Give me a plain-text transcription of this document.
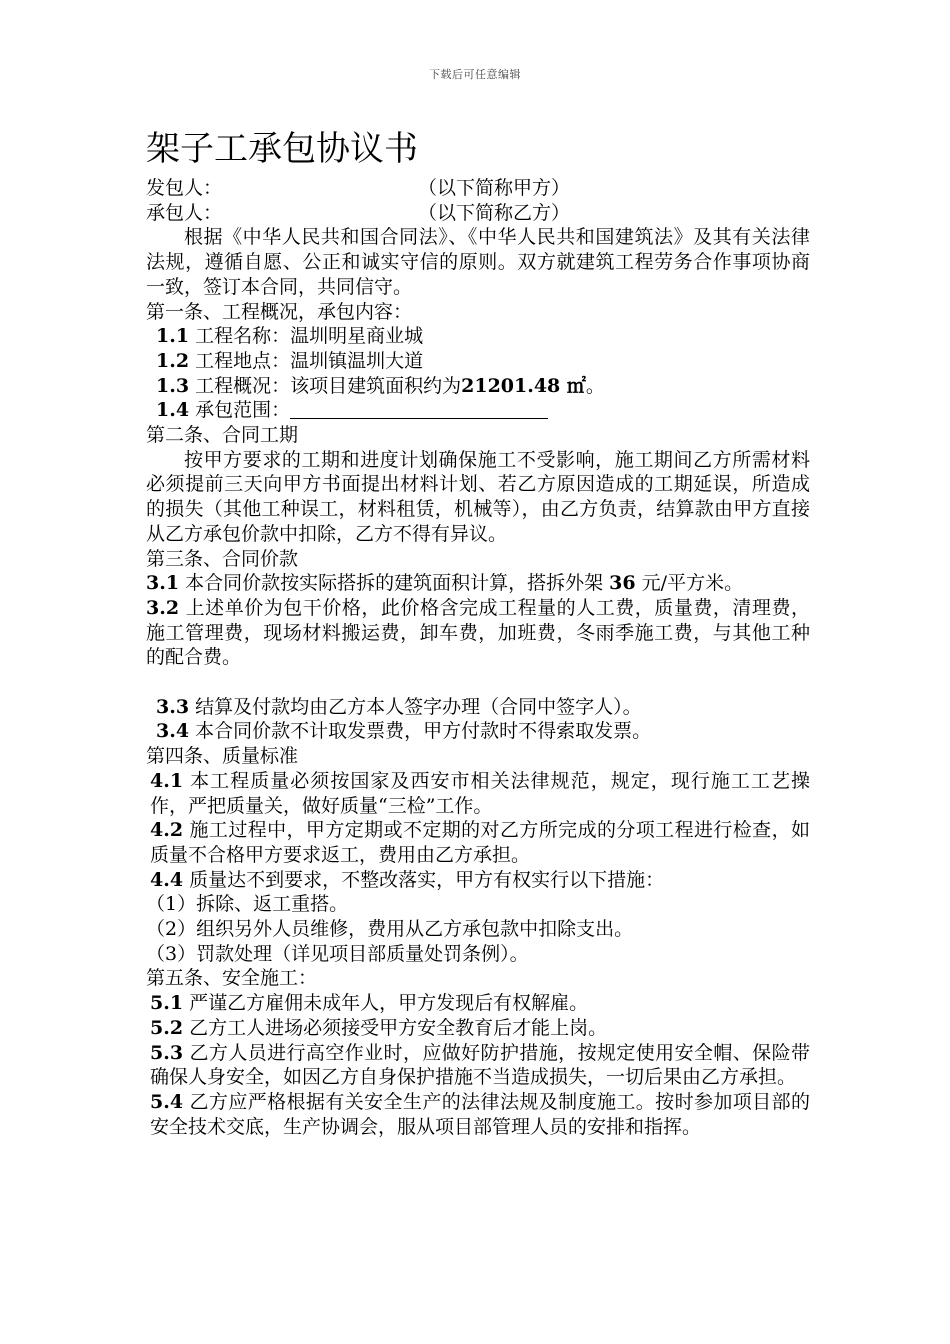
下载后可任意编辑
架子工承包协议书
发包人：	（以下简称甲方）
承包人：	（以下简称乙方）
根据《中华人民共和国合同法》、《中华人民共和国建筑法》及其有关法律法规，遵循自愿、公正和诚实守信的原则。双方就建筑工程劳务合作事项协商一致，签订本合同，共同信守。
第一条、工程概况，承包内容：
1.1 工程名称：温圳明星商业城
1.2 工程地点：温圳镇温圳大道
1.3 工程概况：该项目建筑面积约为21201.48 ㎡。
1.4 承包范围：
第二条、合同工期
按甲方要求的工期和进度计划确保施工不受影响，施工期间乙方所需材料必须提前三天向甲方书面提出材料计划、若乙方原因造成的工期延误，所造成的损失（其他工种误工，材料租赁，机械等），由乙方负责，结算款由甲方直接从乙方承包价款中扣除，乙方不得有异议。
第三条、合同价款
3.1 本合同价款按实际搭拆的建筑面积计算，搭拆外架 36 元/平方米。
3.2 上述单价为包干价格，此价格含完成工程量的人工费，质量费，清理费，施工管理费，现场材料搬运费，卸车费，加班费，冬雨季施工费，与其他工种的配合费。
3.3 结算及付款均由乙方本人签字办理（合同中签字人）。
3.4 本合同价款不计取发票费，甲方付款时不得索取发票。
第四条、质量标准
4.1 本工程质量必须按国家及西安市相关法律规范，规定，现行施工工艺操作，严把质量关，做好质量“三检”工作。
4.2 施工过程中，甲方定期或不定期的对乙方所完成的分项工程进行检查，如质量不合格甲方要求返工，费用由乙方承担。
4.4 质量达不到要求，不整改落实，甲方有权实行以下措施：
（1）拆除、返工重搭。
（2）组织另外人员维修，费用从乙方承包款中扣除支出。
（3）罚款处理（详见项目部质量处罚条例）。
第五条、安全施工：
5.1 严谨乙方雇佣未成年人，甲方发现后有权解雇。
5.2 乙方工人进场必须接受甲方安全教育后才能上岗。
5.3 乙方人员进行高空作业时，应做好防护措施，按规定使用安全帽、保险带确保人身安全，如因乙方自身保护措施不当造成损失，一切后果由乙方承担。
5.4 乙方应严格根据有关安全生产的法律法规及制度施工。按时参加项目部的安全技术交底，生产协调会，服从项目部管理人员的安排和指挥。
